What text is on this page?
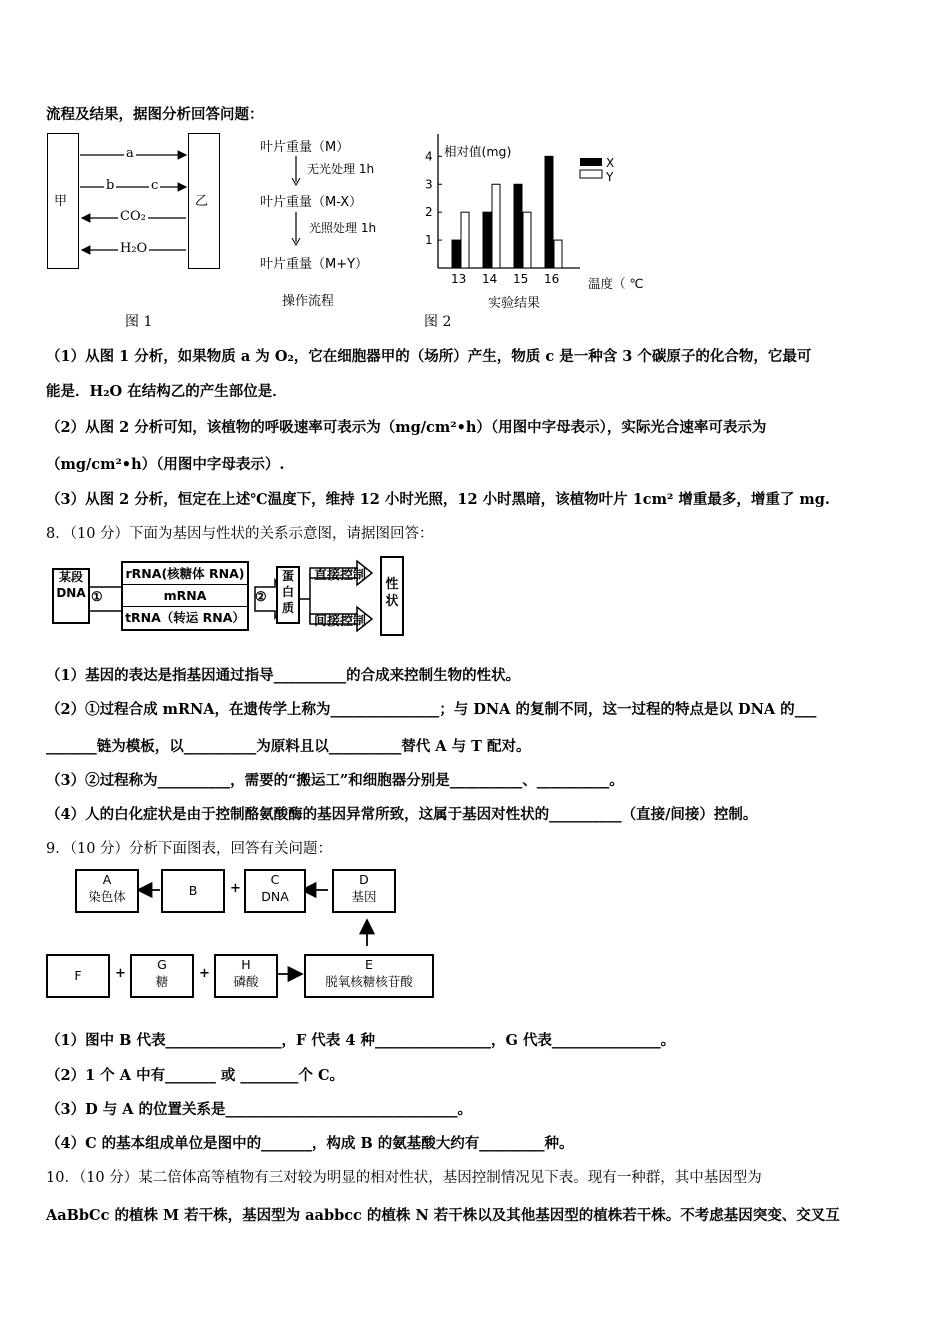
流程及结果，据图分析回答问题：
甲	乙
a
b	c
CO₂
H₂O
图 1
叶片重量（M）
无光处理 1h
叶片重量（M-X）
光照处理 1h
叶片重量（M+Y）
操作流程
相对值(mg)
1
2
3
4
13 14 15 16
X
Y
温度（ ℃
实验结果
图 2
（1）从图 1 分析，如果物质 a 为 O₂，它在细胞器甲的（场所）产生，物质 c 是一种含 3 个碳原子的化合物，它最可
能是．H₂O 在结构乙的产生部位是．
（2）从图 2 分析可知，该植物的呼吸速率可表示为（mg/cm²•h）（用图中字母表示），实际光合速率可表示为
（mg/cm²•h）（用图中字母表示）.
（3）从图 2 分析，恒定在上述℃温度下，维持 12 小时光照，12 小时黑暗，该植物叶片 1cm² 增重最多，增重了 mg.
8．（10 分）下面为基因与性状的关系示意图，请据图回答：
某段DNA ①
rRNA(核糖体 RNA)
mRNA
tRNA（转运 RNA）
②
蛋白质
直接控制
间接控制
性状
（1）基因的表达是指基因通过指导__________的合成来控制生物的性状。
（2）①过程合成 mRNA，在遗传学上称为_______________；与 DNA 的复制不同，这一过程的特点是以 DNA 的___
_______链为模板，以__________为原料且以__________替代 A 与 T 配对。
（3）②过程称为__________，需要的“搬运工”和细胞器分别是__________、__________。
（4）人的白化症状是由于控制酪氨酸酶的基因异常所致，这属于基因对性状的__________（直接/间接）控制。
9．（10 分）分析下面图表，回答有关问题：
A
染色体	B	+
C
DNA
D
基因
F	+
G
糖
+
H
磷酸
E
脱氧核糖核苷酸
（1）图中 B 代表________________，F 代表 4 种________________，G 代表_______________。
（2）1 个 A 中有_______ 或 ________个 C。
（3）D 与 A 的位置关系是________________________________。
（4）C 的基本组成单位是图中的_______，构成 B 的氨基酸大约有_________种。
10．（10 分）某二倍体高等植物有三对较为明显的相对性状，基因控制情况见下表。现有一种群，其中基因型为
AaBbCc 的植株 M 若干株，基因型为 aabbcc 的植株 N 若干株以及其他基因型的植株若干株。不考虑基因突变、交叉互
